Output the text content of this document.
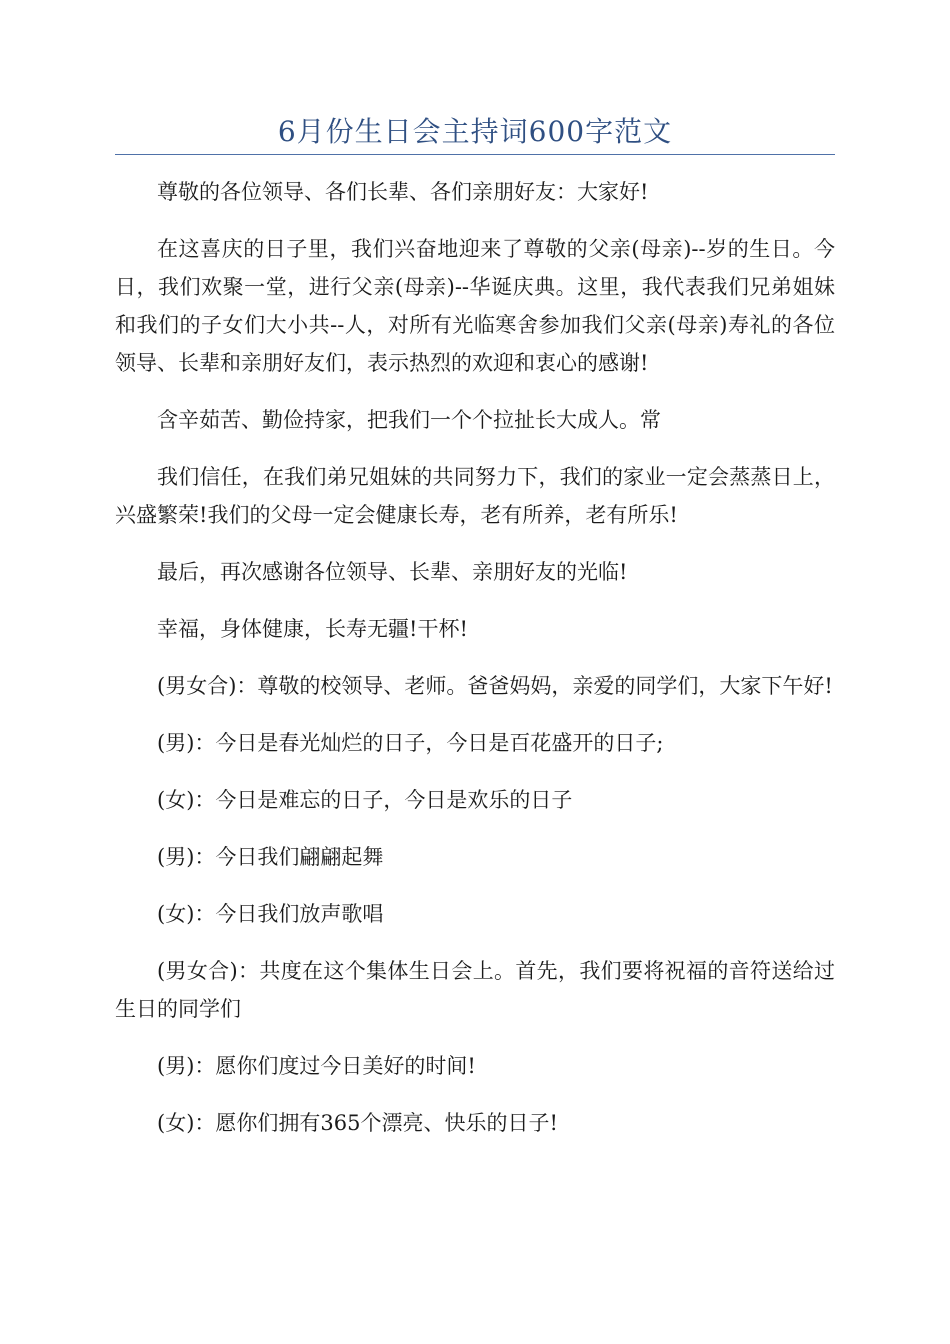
6月份生日会主持词600字范文

尊敬的各位领导、各们长辈、各们亲朋好友：大家好!

在这喜庆的日子里，我们兴奋地迎来了尊敬的父亲(母亲)--岁的生日。今日，我们欢聚一堂，进行父亲(母亲)--华诞庆典。这里，我代表我们兄弟姐妹和我们的子女们大小共--人，对所有光临寒舍参加我们父亲(母亲)寿礼的各位领导、长辈和亲朋好友们，表示热烈的欢迎和衷心的感谢!

含辛茹苦、勤俭持家，把我们一个个拉扯长大成人。常

我们信任，在我们弟兄姐妹的共同努力下，我们的家业一定会蒸蒸日上，兴盛繁荣!我们的父母一定会健康长寿，老有所养，老有所乐!

最后，再次感谢各位领导、长辈、亲朋好友的光临!

幸福，身体健康，长寿无疆!干杯!

(男女合)：尊敬的校领导、老师。爸爸妈妈，亲爱的同学们，大家下午好!

(男)：今日是春光灿烂的日子，今日是百花盛开的日子;

(女)：今日是难忘的日子，今日是欢乐的日子

(男)：今日我们翩翩起舞

(女)：今日我们放声歌唱

(男女合)：共度在这个集体生日会上。首先，我们要将祝福的音符送给过生日的同学们

(男)：愿你们度过今日美好的时间!

(女)：愿你们拥有365个漂亮、快乐的日子!
